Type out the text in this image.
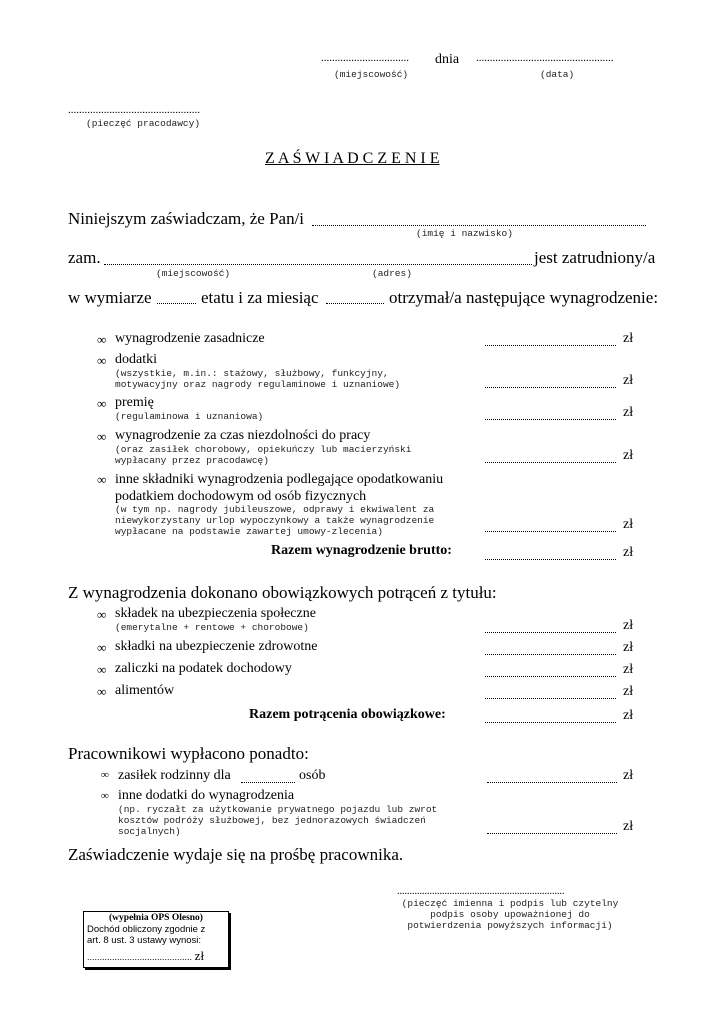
................................ dnia ..................................................
(miejscowość)	(data)
................................................
(pieczęć pracodawcy)
Z A Ś W I A D C Z E N I E
Niniejszym zaświadczam, że Pan/i
(imię i nazwisko)
zam.	jest zatrudniony/a
(miejscowość)	(adres)
w wymiarze	etatu i za miesiąc	otrzymał/a następujące wynagrodzenie:
∞ wynagrodzenie zasadnicze	zł
∞ dodatki
(wszystkie, m.in.: stażowy, służbowy, funkcyjny,
motywacyjny oraz nagrody regulaminowe i uznaniowe)	zł
∞ premię
(regulaminowa i uznaniowa)	zł
∞ wynagrodzenie za czas niezdolności do pracy
(oraz zasiłek chorobowy, opiekuńczy lub macierzyński
wypłacany przez pracodawcę)	zł
∞ inne składniki wynagrodzenia podlegające opodatkowaniu
podatkiem dochodowym od osób fizycznych
(w tym np. nagrody jubileuszowe, odprawy i ekwiwalent za
niewykorzystany urlop wypoczynkowy a także wynagrodzenie
wypłacane na podstawie zawartej umowy-zlecenia)	zł
Razem wynagrodzenie brutto:	zł
Z wynagrodzenia dokonano obowiązkowych potrąceń z tytułu:
∞ składek na ubezpieczenia społeczne
(emerytalne + rentowe + chorobowe)	zł
∞ składki na ubezpieczenie zdrowotne	zł
∞ zaliczki na podatek dochodowy	zł
∞ alimentów	zł
Razem potrącenia obowiązkowe:	zł
Pracownikowi wypłacono ponadto:
∞ zasiłek rodzinny dla	osób	zł
∞ inne dodatki do wynagrodzenia
(np. ryczałt za użytkowanie prywatnego pojazdu lub zwrot
kosztów podróży służbowej, bez jednorazowych świadczeń
socjalnych)	zł
Zaświadczenie wydaje się na prośbę pracownika.
...................................................................
(pieczęć imienna i podpis lub czytelny
podpis osoby upoważnionej do
potwierdzenia powyższych informacji)
(wypełnia OPS Olesno)
Dochód obliczony zgodnie z
art. 8 ust. 3 ustawy wynosi:
.......................................... zł
